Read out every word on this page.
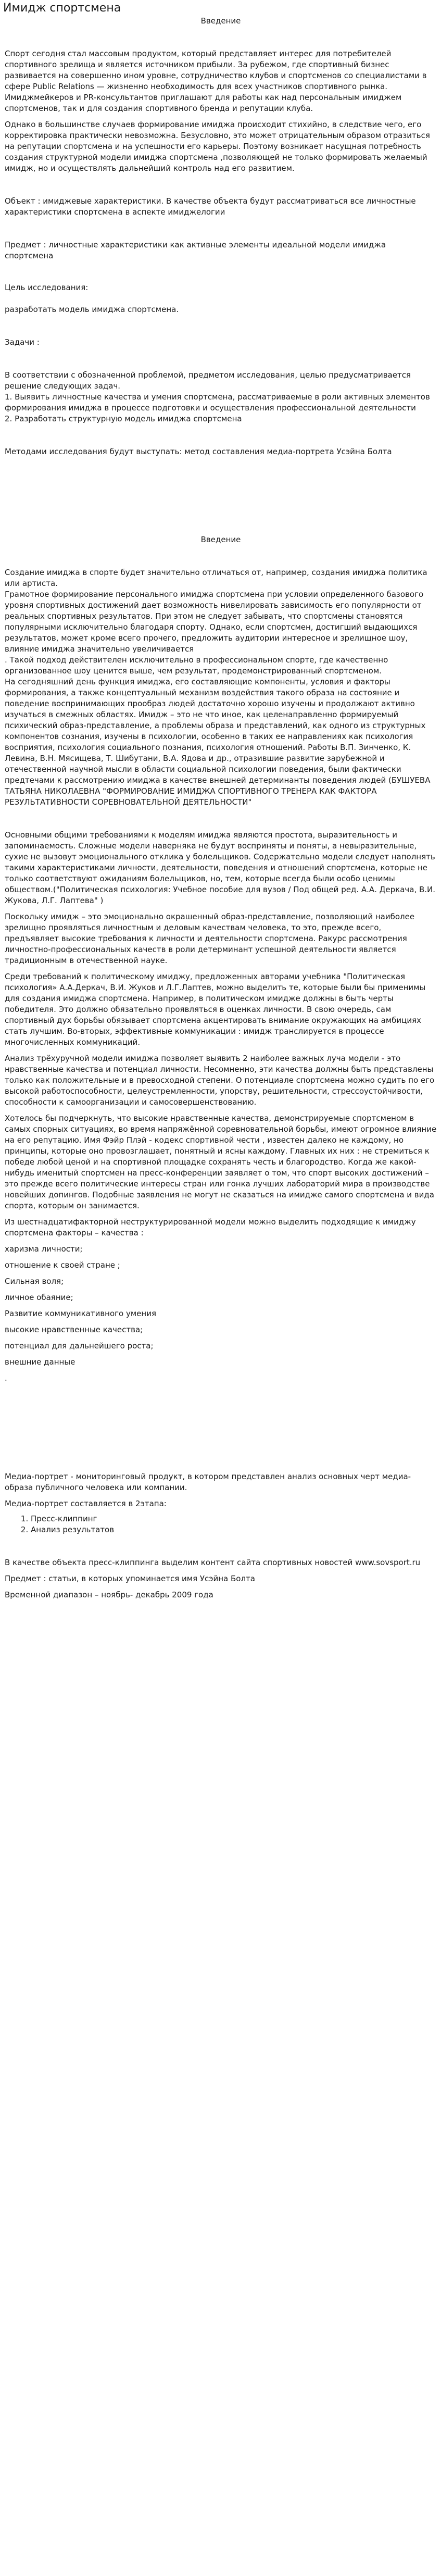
Имидж спортсмена

Введение

Спорт сегодня стал массовым продуктом, который представляет интерес для потребителей спортивного зрелища и является источником прибыли. За рубежом, где спортивный бизнес развивается на совершенно ином уровне, сотрудничество клубов и спортсменов со специалистами в сфере Public Relations — жизненно необходимость для всех участников спортивного рынка. Имиджмейкеров и PR-консультантов приглашают для работы как над персональным имиджем спортсменов, так и для создания спортивного бренда и репутации клуба.

Однако в большинстве случаев формирование имиджа происходит стихийно, в следствие чего, его корректировка практически невозможна. Безусловно, это может отрицательным образом отразиться на репутации спортсмена и на успешности его карьеры. Поэтому возникает насущная потребность создания структурной модели имиджа спортсмена ,позволяющей не только формировать желаемый имидж, но и осуществлять дальнейший контроль над его развитием.

Объект : имиджевые характеристики. В качестве объекта будут рассматриваться все личностные характеристики спортсмена в аспекте имиджелогии

Предмет : личностные характеристики как активные элементы идеальной модели имиджа спортсмена

Цель исследования:

разработать модель имиджа спортсмена.

Задачи :

В соответствии с обозначенной проблемой, предметом исследования, целью предусматривается решение следующих задач.

1. Выявить личностные качества и умения спортсмена, рассматриваемые в роли активных элементов формирования имиджа в процессе подготовки и осуществления профессиональной деятельности

2. Разработать структурную модель имиджа спортсмена

Методами исследования будут выступать: метод составления медиа-портрета Усэйна Болта

Введение

Создание имиджа в спорте будет значительно отличаться от, например, создания имиджа политика или артиста.

Грамотное формирование персонального имиджа спортсмена при условии определенного базового уровня спортивных достижений дает возможность нивелировать зависимость его популярности от реальных спортивных результатов. При этом не следует забывать, что спортсмены становятся популярными исключительно благодаря спорту. Однако, если спортсмен, достигший выдающихся результатов, может кроме всего прочего, предложить аудитории интересное и зрелищное шоу, влияние имиджа значительно увеличивается

. Такой подход действителен исключительно в профессиональном спорте, где качественно организованное шоу ценится выше, чем результат, продемонстрированный спортсменом.

На сегодняшний день функция имиджа, его составляющие компоненты, условия и факторы формирования, а также концептуальный механизм воздействия такого образа на состояние и поведение воспринимающих прообраз людей достаточно хорошо изучены и продолжают активно изучаться в смежных областях. Имидж – это не что иное, как целенаправленно формируемый психический образ-представление, а проблемы образа и представлений, как одного из структурных компонентов сознания, изучены в психологии, особенно в таких ее направлениях как психология восприятия, психология социального познания, психология отношений. Работы В.П. Зинченко, К. Левина, В.Н. Мясищева, Т. Шибутани, В.А. Ядова и др., отразившие развитие зарубежной и отечественной научной мысли в области социальной психологии поведения, были фактически предтечами к рассмотрению имиджа в качестве внешней детерминанты поведения людей (БУШУЕВА ТАТЬЯНА НИКОЛАЕВНА "ФОРМИРОВАНИЕ ИМИДЖА СПОРТИВНОГО ТРЕНЕРА КАК ФАКТОРА РЕЗУЛЬТАТИВНОСТИ СОРЕВНОВАТЕЛЬНОЙ ДЕЯТЕЛЬНОСТИ"

Основными общими требованиями к моделям имиджа являются простота, выразительность и запоминаемость. Сложные модели наверняка не будут восприняты и поняты, а невыразительные, сухие не вызовут эмоционального отклика у болельщиков. Содержательно модели следует наполнять такими характеристиками личности, деятельности, поведения и отношений спортсмена, которые не только соответствуют ожиданиям болельщиков, но, тем, которые всегда были особо ценимы обществом.("Политическая психология: Учебное пособие для вузов / Под общей ред. А.А. Деркача, В.И. Жукова, Л.Г. Лаптева" )

Поскольку имидж – это эмоционально окрашенный образ-представление, позволяющий наиболее зрелищно проявляться личностным и деловым качествам человека, то это, прежде всего, предъявляет высокие требования к личности и деятельности спортсмена. Ракурс рассмотрения личностно-профессиональных качеств в роли детерминант успешной деятельности является традиционным в отечественной науке.

Среди требований к политическому имиджу, предложенных авторами учебника "Политическая психология» А.А.Деркач, В.И. Жуков и Л.Г.Лаптев, можно выделить те, которые были бы применимы для создания имиджа спортсмена. Например, в политическом имидже должны в быть черты победителя. Это должно обязательно проявляться в оценках личности. В свою очередь, сам спортивный дух борьбы обязывает спортсмена акцентировать внимание окружающих на амбициях стать лучшим. Во-вторых, эффективные коммуникации : имидж транслируется в процессе многочисленных коммуникаций.

Анализ трёхуручной модели имиджа позволяет выявить 2 наиболее важных луча модели - это нравственные качества и потенциал личности. Несомненно, эти качества должны быть представлены только как положительные и в превосходной степени. О потенциале спортсмена можно судить по его высокой работоспособности, целеустремленности, упорству, решительности, стрессоустойчивости, способности к самоорганизации и самосовершенствованию.

Хотелось бы подчеркнуть, что высокие нравственные качества, демонстрируемые спортсменом в самых спорных ситуациях, во время напряжённой соревновательной борьбы, имеют огромное влияние на его репутацию. Имя Фэйр Плэй - кодекс спортивной чести , известен далеко не каждому, но принципы, которые оно провозглашает, понятный и ясны каждому. Главных их них : не стремиться к победе любой ценой и на спортивной площадке сохранять честь и благородство. Когда же какой-нибудь именитый спортсмен на пресс-конференции заявляет о том, что спорт высоких достижений – это прежде всего политические интересы стран или гонка лучших лабораторий мира в производстве новейших допингов. Подобные заявления не могут не сказаться на имидже самого спортсмена и вида спорта, которым он занимается.

Из шестнадцатифакторной неструктурированной модели можно выделить подходящие к имиджу спортсмена факторы – качества :

харизма личности;

отношение к своей стране ;

Сильная воля;

личное обаяние;

Развитие коммуникативного умения

высокие нравственные качества;

потенциал для дальнейшего роста;

внешние данные

.

Медиа-портрет - мониторинговый продукт, в котором представлен анализ основных черт медиа-образа публичного человека или компании.

Медиа-портрет составляется в 2этапа:

1. Пресс-клиппинг
2. Анализ результатов

В качестве объекта пресс-клиппинга выделим контент сайта спортивных новостей www.sovsport.ru

Предмет : статьи, в которых упоминается имя Усэйна Болта

Временной диапазон – ноябрь- декабрь 2009 года
